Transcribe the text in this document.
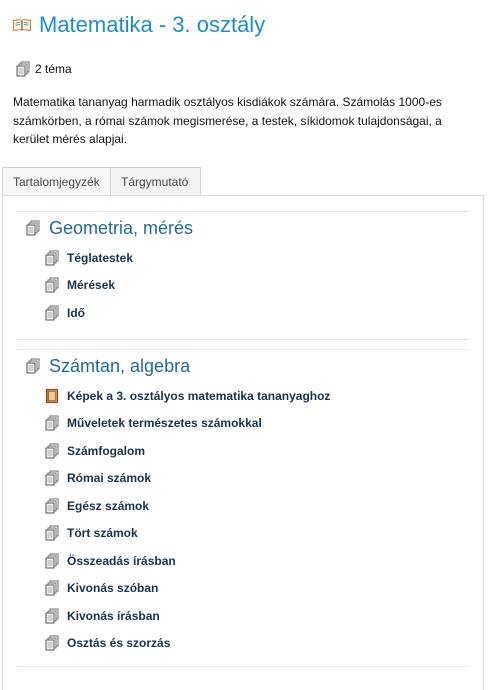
Matematika - 3. osztály
2 téma

Matematika tananyag harmadik osztályos kisdiákok számára. Számolás 1000-es számkörben, a római számok megismerése, a testek, síkidomok tulajdonságai, a kerület mérés alapjai.

Tartalomjegyzék	Tárgymutató
Geometria, mérés
Téglatestek
Mérések
Idő
Számtan, algebra
Képek a 3. osztályos matematika tananyaghoz
Műveletek természetes számokkal
Számfogalom
Római számok
Egész számok
Tört számok
Összeadás írásban
Kivonás szóban
Kivonás írásban
Osztás és szorzás
